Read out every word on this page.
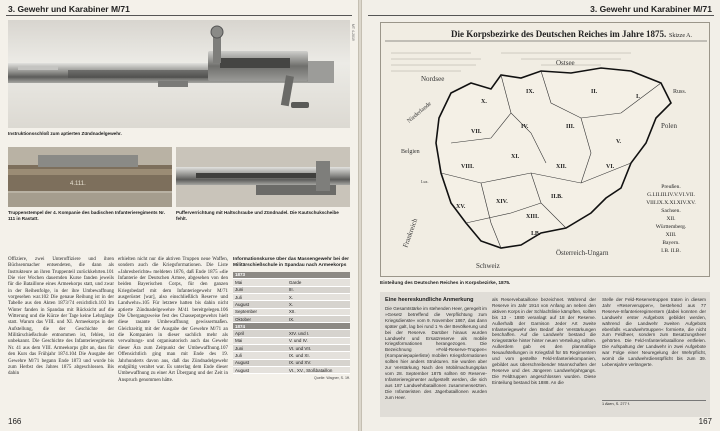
3. Gewehr und Karabiner M/71
MT 4-2019
Instruktionsschloß zum aptierten Zündnadelgewehr.
4.111.
Truppenstempel der 4. Kompanie des badischen Infanterieregiments Nr. 111 in Rastatt.
Pufferverrichtung mit Haltschraube und Zündnadel. Die Kautschukscheibe fehlt.
Offiziere, zwei Unteroffiziere und ihren Büchsenmacher entsendeten, die dann als Instrukteure an ihren Truppenteil zurückkehrten.101 Die vier Wochen dauernden Kurse fanden jeweils für die Bataillone eines Armeekorps statt, und zwar in der Reihenfolge, in der ihre Umbewaffnung vorgesehen war.102 Die genaue Reihung ist in der Tabelle aus den Akten 1873/74 ersichtlich.103 Im Winter fanden in Spandau mit Rücksicht auf die Witterung und die Kürze der Tage keine Lehrgänge statt. Warum das VIII. und XI. Armeekorps in der Aufstellung, die der Geschichte der Militärschießschule entnommen ist, fehlen, ist unbekannt. Die Geschichte des Infanterieregiments Nr. 41 aus dem VIII. Armeekorps gibt an, dass für den Kurs das Frühjahr 1874.104 Die Ausgabe der Gewehre M/71 begann Ende 1873 und wurde bis zum Herbst des Jahres 1875 abgeschlossen. Bis dahin
erhielten nicht nur die aktiven Truppen neue Waffen, sondern auch die Kriegsformationen. Die Liste »Jahresberichte« meldeten 1876, daß Ende 1875 »die Infanterie der Deutschen Armee, abgesehen von den beiden Bayerischen Corps, für den ganzen Kriegsbedarf mit dem Infanteriegewehr M/71 ausgerüstet [war], also einschließlich Reserve und Landwehr«.105 Für letztere hatten bis dahin nicht aptierte Zündnadelgewehre M/41 bereitgelegen.106 Die Übergangsweise fest des Chassepotgewehrs hielt diese rasante Umbewaffnung gewissermaßen. Gleichzeitig mit der Ausgabe der Gewehre M/71 an die Kompanien in dieser sachlich mehr als verwaltungs- und organisatorisch auch das Gewehr dieser Ära zum Zeitpunkt der Umbewaffnung.107 Offensichtlich ging man mit Ende des 19. Jahrhunderts davon aus, daß das Zündnadelgewehr endgültig veraltet war. Es unterlag dem Ende dieser Umbewaffnung zu einer Art Übergang und der Zeit in Anspruch genommen hätte.
Informationskurse über das Massengewehr bei der Militärschießschule in Spandau nach Armeekorps
1873	
Mai	Garde
Juni	III.
Juli	X.
August	X.
September	XII.
Oktober	IX.
1874	
April	XIV. und I.
Mai	V. und IV.
Juni	VI. und VII.
Juli	IX. und XI.
August	IX. und XV.
August	VI., XV., Stoßbataillon
Quelle: Wagner, S. 1ff.
166
3. Gewehr und Karabiner M/71
Die Korpsbezirke des Deutschen Reiches im Jahre 1875. Skizze A.
Nordsee
Ostsee
X.
IX.	II.
I.
VII.
IV.	III.
V.
VIII.
XI.
XII.	VI.
XV.
XIV.
XIII.
II.B.
I.B.
Russ.
Polen
Belgien
Niederlande
Lux.
Frankreich
Schweiz
Österreich-Ungarn
Preußen.
G.I.II.III.IV.V.VI.VII.
VIII.IX.X.XI.XIV.XV.
Sachsen.
XII.
Württemberg.
XIII.
Bayern.
I.B. II.B.
Einteilung des Deutschen Reiches in Korpsbezirke, 1875.
Eine heereskundliche Anmerkung
Die Gesamtstärke im stehenden Heer, geregelt im »Gesetz betreffend die Verpflichtung zum Kriegsdienste« vom 9. November 1867, das dann später galt, lag bei rund 1 % der Bevölkerung und bei der Reserve. Darüber hinaus wurden Landwehr und Ersatzreserve als mobile Kriegsformationen herangezogen. Die Bezeichnung »Feld-Reserve-Truppen« (Kompaniepapierliste) mobilen Kriegsformationen sollten hier anders Strukturen. Sie wurden aber zur Verstärkung Nach den Mobilmachungsplan vom 28. September 1875 sollten 60 Reserve-Infanterieregimenter aufgestellt werden, die sich aus 187 Landwehrbataillonen zusammensetzten. Die Infanteristen des Jägerbataillonen wurden zum Heer.
als Reservebataillone bezeichnet. Während der Reserve im Jahr 1914 von Anfang an neben den aktiven Korps in der Schlachtlinie kämpften, sollten bis 13 - 1880 veranlagt auf 18 der Reserve. Außerhalb der Garnison Jeder Art zweite Infanteriegewehr den Bedarf der Verstärkungen beschaffen. Auf die Landwehr bestand die Kriegsstärke hinter hinter neuen Verteilung sollten. Außerdem gab es den planmäßige Neuaufstellungen in Kriegsfall für 55 Regimentern und vom gestellte Feld-Infanteriekompanien, gebildet aus überschreibender Mannschaften der Reserve und des Jüngeren Landwehrjahrgangs. Die Feldtruppen angeschlossen wurden. Diese Einteilung bestand bis 1888. An die
Stelle der Feld-Reservetruppen traten in diesem Jahr »Reserveruppen«, bestehend aus 77 Reserve-Infanterieregimentern (dabei konnten der Landwehr erster Aufgebots gebildet werden, während die Landwehr zweiten Aufgebots ebenfalls »Landwehrtruppen« formierte, die nicht zum Feldheer, sondern zum Besatzungsheer gehörten. Die Feld-Infanteriebataillone entfielen. Die Aufspaltung der Landwehr in zwei Aufgebote war Folge einer Neuregelung der Wehrpflicht, womit die Landwehrdienstpflicht bis zum 39. Lebensjahre verlängerte.
1 Aken, S. 277 f.
167
